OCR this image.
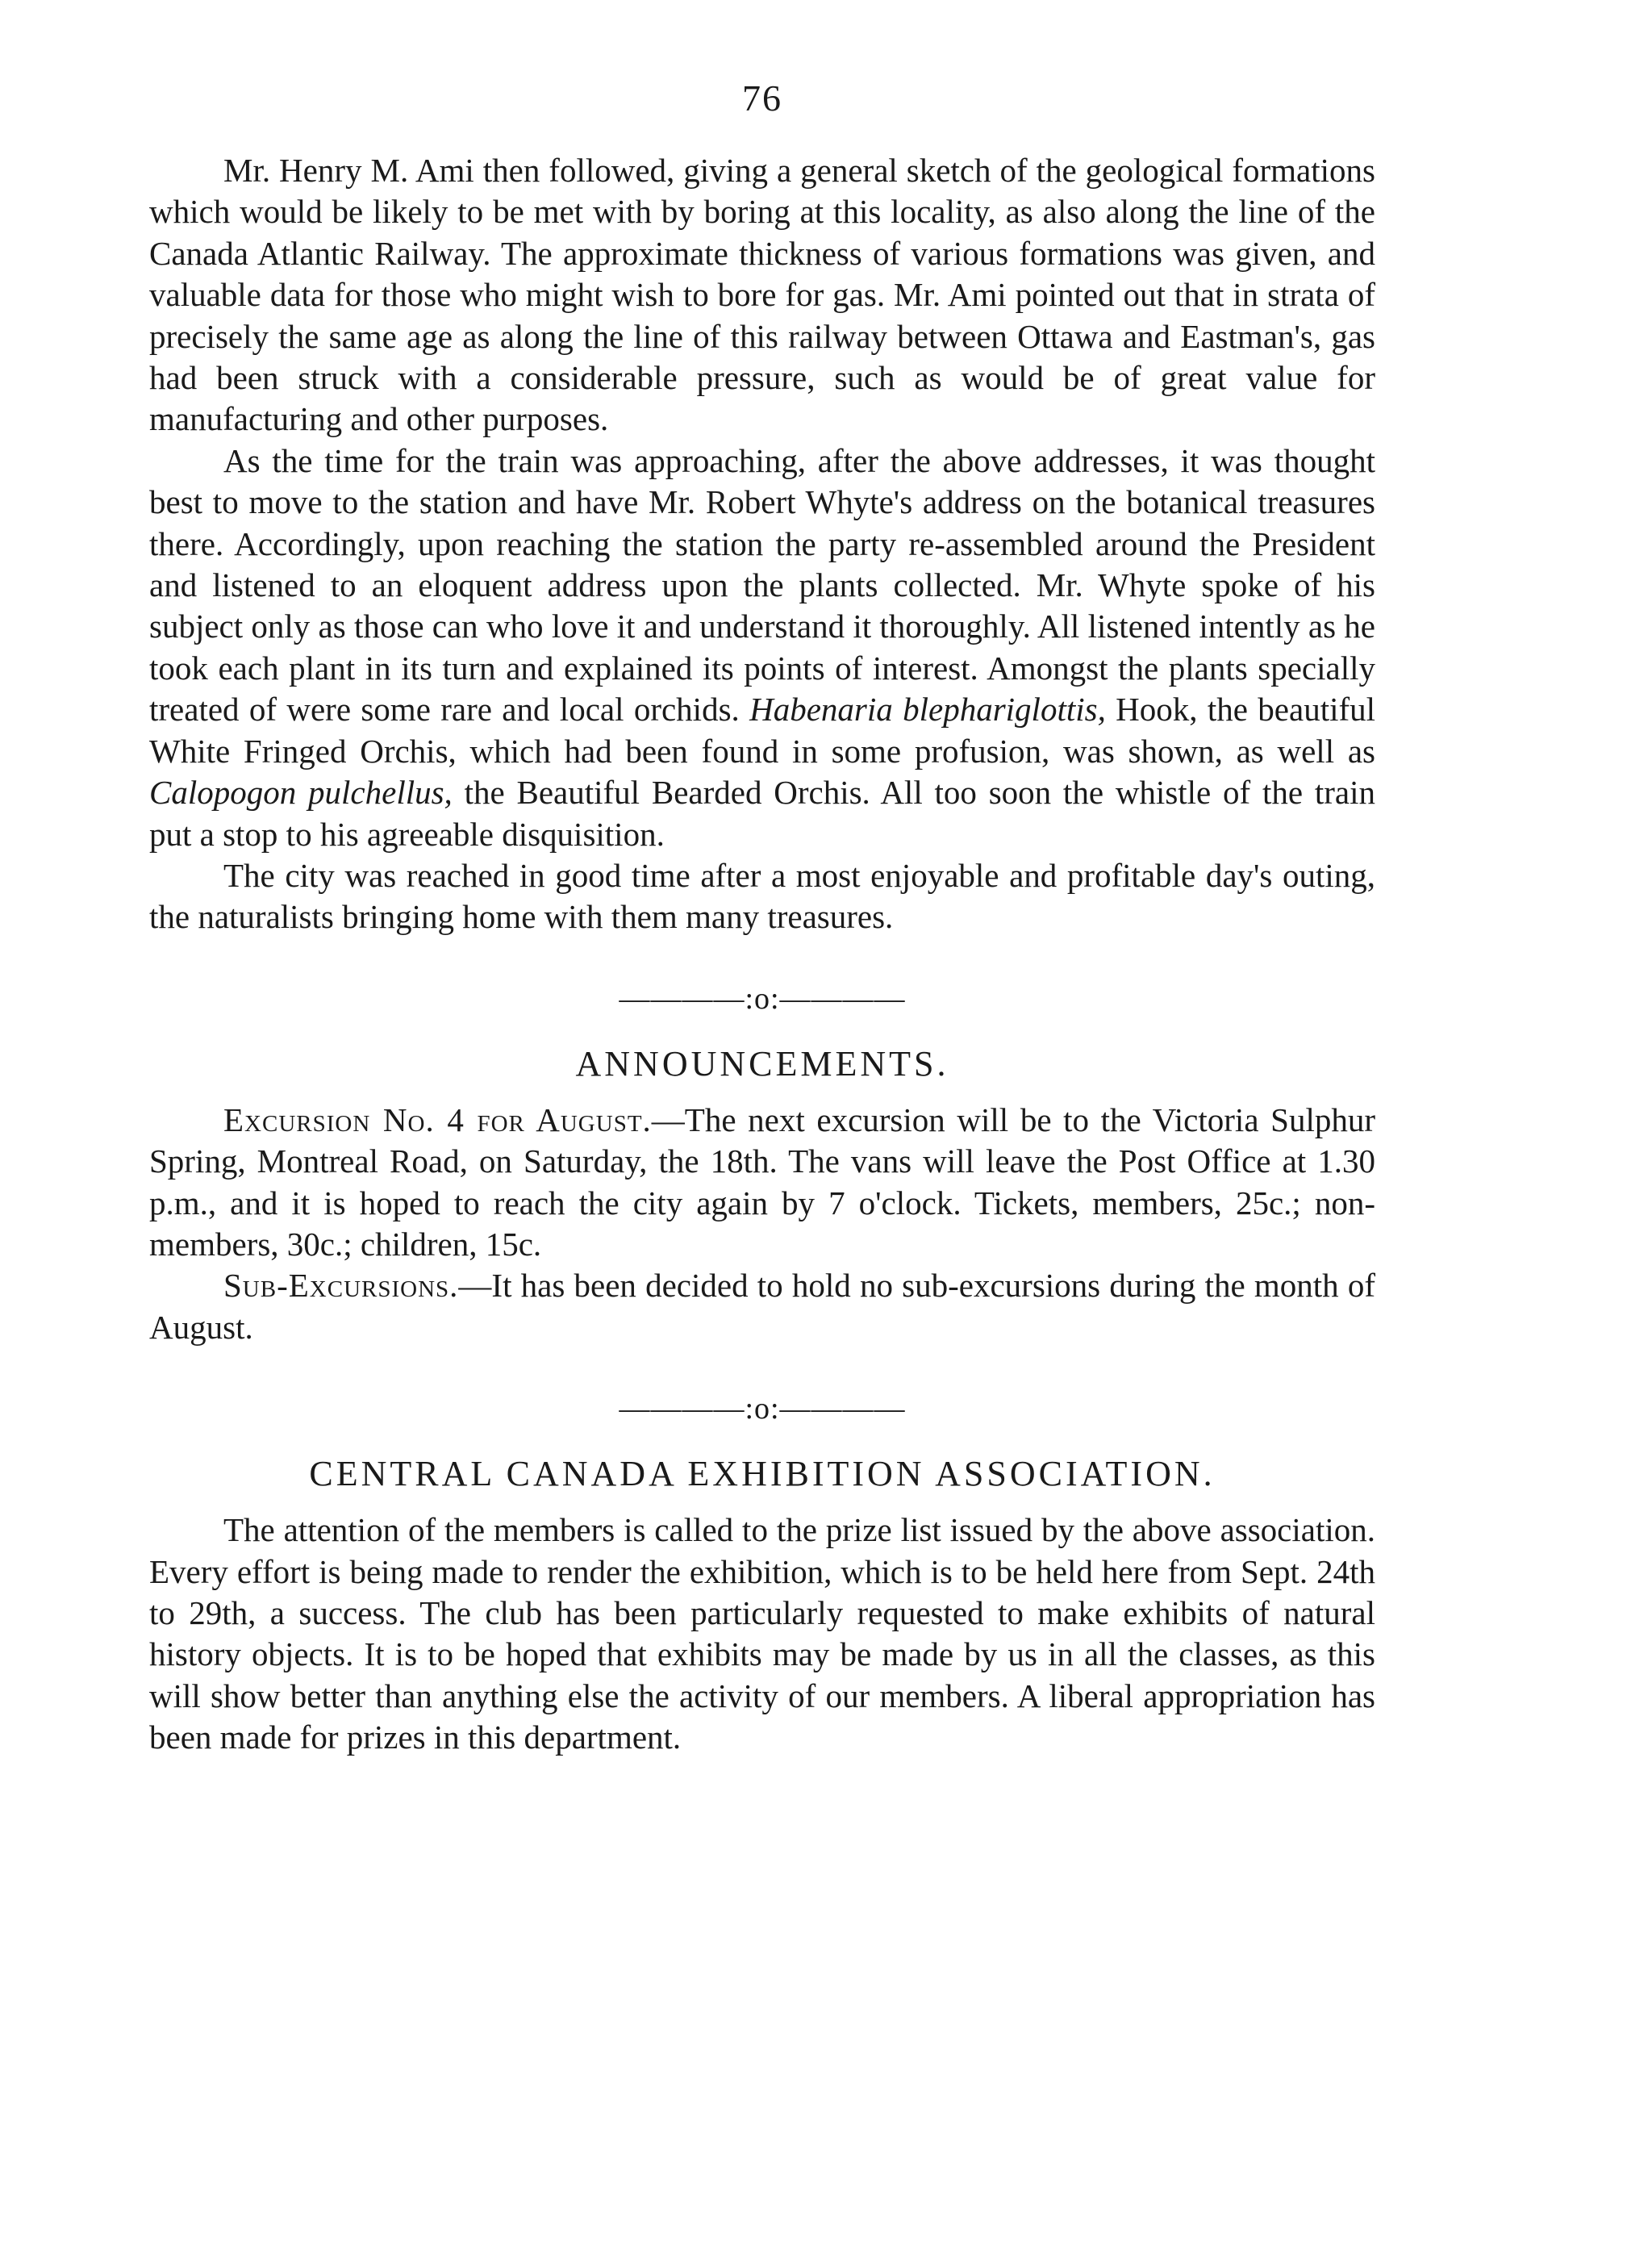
76

Mr. Henry M. Ami then followed, giving a general sketch of the geological formations which would be likely to be met with by boring at this locality, as also along the line of the Canada Atlantic Railway. The approximate thickness of various formations was given, and valuable data for those who might wish to bore for gas. Mr. Ami pointed out that in strata of precisely the same age as along the line of this railway between Ottawa and Eastman's, gas had been struck with a considerable pressure, such as would be of great value for manufacturing and other purposes.

As the time for the train was approaching, after the above addresses, it was thought best to move to the station and have Mr. Robert Whyte's address on the botanical treasures there. Accordingly, upon reaching the station the party re-assembled around the President and listened to an eloquent address upon the plants collected. Mr. Whyte spoke of his subject only as those can who love it and understand it thoroughly. All listened intently as he took each plant in its turn and explained its points of interest. Amongst the plants specially treated of were some rare and local orchids. Habenaria blephariglottis, Hook, the beautiful White Fringed Orchis, which had been found in some profusion, was shown, as well as Calopogon pulchellus, the Beautiful Bearded Orchis. All too soon the whistle of the train put a stop to his agreeable disquisition.

The city was reached in good time after a most enjoyable and profitable day's outing, the naturalists bringing home with them many treasures.

————:o:————
ANNOUNCEMENTS.

Excursion No. 4 for August.—The next excursion will be to the Victoria Sulphur Spring, Montreal Road, on Saturday, the 18th. The vans will leave the Post Office at 1.30 p.m., and it is hoped to reach the city again by 7 o'clock. Tickets, members, 25c.; non-members, 30c.; children, 15c.

Sub-Excursions.—It has been decided to hold no sub-excursions during the month of August.

————:o:————
CENTRAL CANADA EXHIBITION ASSOCIATION.

The attention of the members is called to the prize list issued by the above association. Every effort is being made to render the exhibition, which is to be held here from Sept. 24th to 29th, a success. The club has been particularly requested to make exhibits of natural history objects. It is to be hoped that exhibits may be made by us in all the classes, as this will show better than anything else the activity of our members. A liberal appropriation has been made for prizes in this department.
